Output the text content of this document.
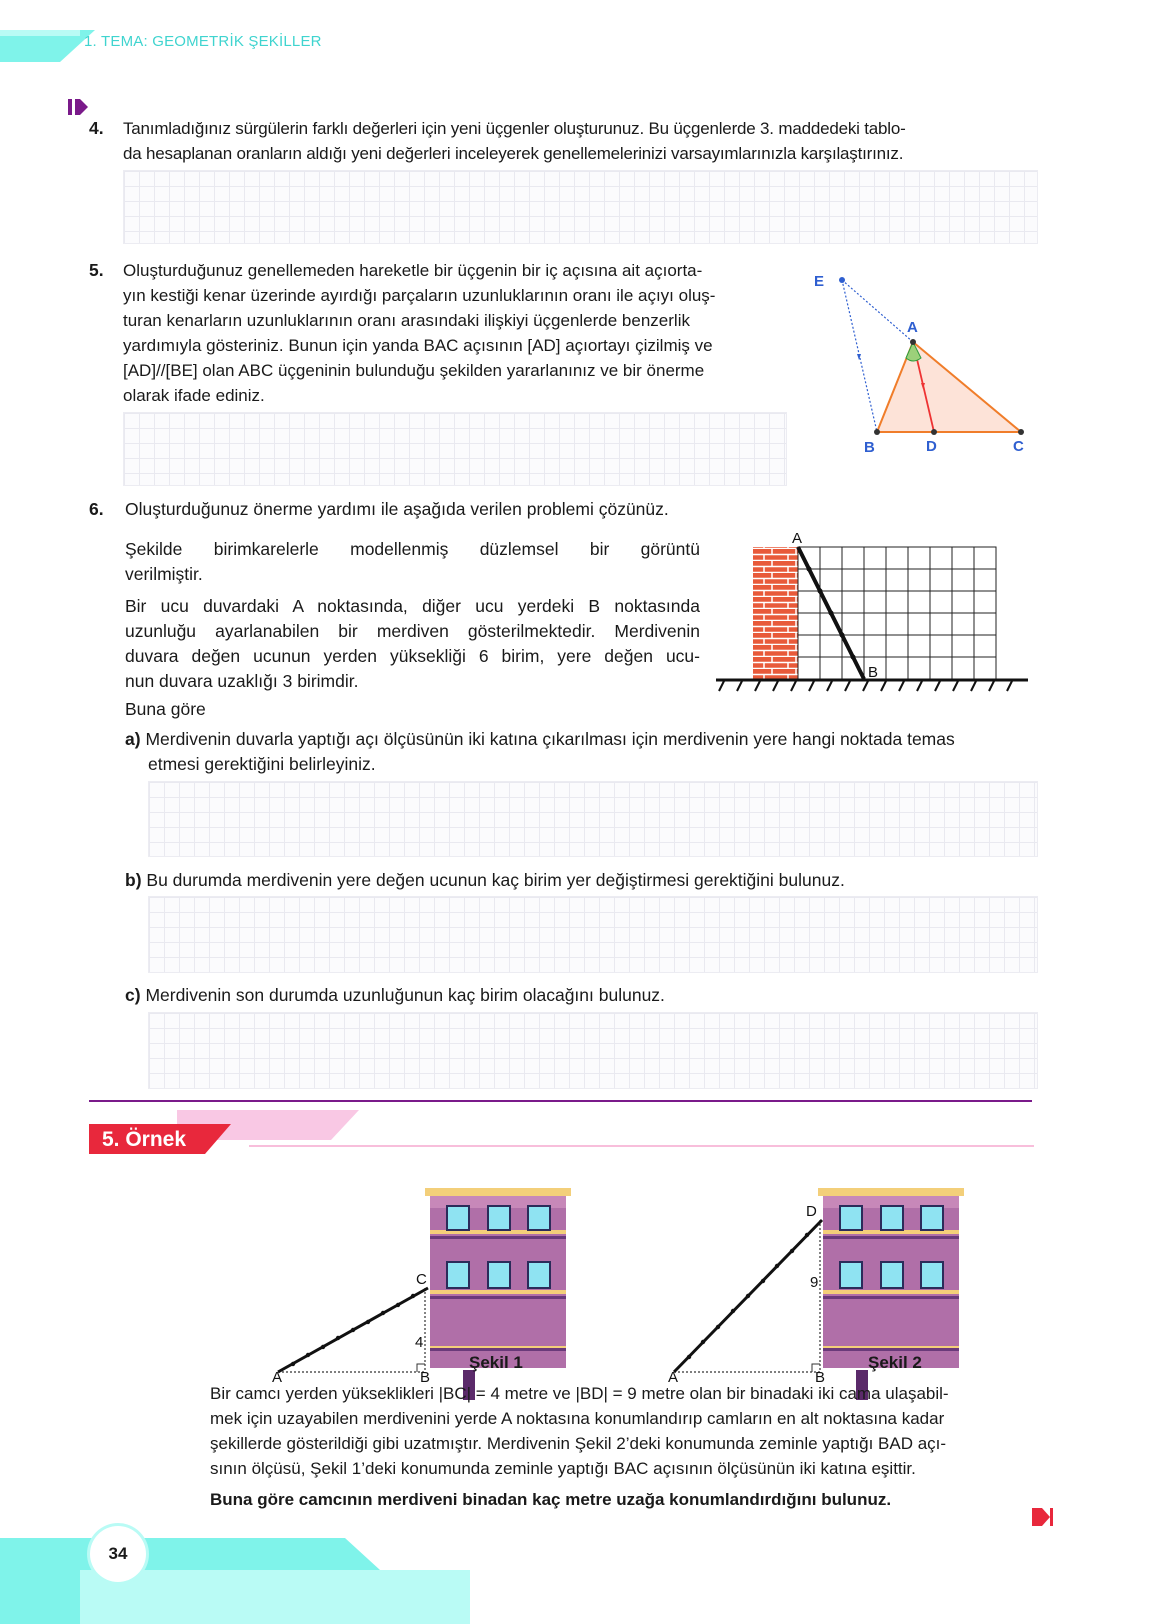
1. TEMA: GEOMETRİK ŞEKİLLER
4. Tanımladığınız sürgülerin farklı değerleri için yeni üçgenler oluşturunuz. Bu üçgenlerde 3. maddedeki tablo-
da hesaplanan oranların aldığı yeni değerleri inceleyerek genellemelerinizi varsayımlarınızla karşılaştırınız.
5. Oluşturduğunuz genellemeden hareketle bir üçgenin bir iç açısına ait açıorta-
yın kestiği kenar üzerinde ayırdığı parçaların uzunluklarının oranı ile açıyı oluş-
turan kenarların uzunluklarının oranı arasındaki ilişkiyi üçgenlerde benzerlik
yardımıyla gösteriniz. Bunun için yanda BAC açısının [AD] açıortayı çizilmiş ve
[AD]//[BE] olan ABC üçgeninin bulunduğu şekilden yararlanınız ve bir önerme
olarak ifade ediniz.
E
A
B	D	C
6. Oluşturduğunuz önerme yardımı ile aşağıda verilen problemi çözünüz.
Şekilde birimkarelerle modellenmiş düzlemsel bir görüntü
verilmiştir.
Bir ucu duvardaki A noktasında, diğer ucu yerdeki B noktasında
uzunluğu ayarlanabilen bir merdiven gösterilmektedir. Merdivenin
duvara değen ucunun yerden yüksekliği 6 birim, yere değen ucu-
nun duvara uzaklığı 3 birimdir.
Buna göre
A
B
a) Merdivenin duvarla yaptığı açı ölçüsünün iki katına çıkarılması için merdivenin yere hangi noktada temas
etmesi gerektiğini belirleyiniz.
b) Bu durumda merdivenin yere değen ucunun kaç birim yer değiştirmesi gerektiğini bulunuz.
c) Merdivenin son durumda uzunluğunun kaç birim olacağını bulunuz.
5. Örnek
A	B
C
4
Şekil 1
A	B
D
9
Şekil 2
Bir camcı yerden yükseklikleri |BC| = 4 metre ve |BD| = 9 metre olan bir binadaki iki cama ulaşabil-
mek için uzayabilen merdivenini yerde A noktasına konumlandırıp camların en alt noktasına kadar
şekillerde gösterildiği gibi uzatmıştır. Merdivenin Şekil 2’deki konumunda zeminle yaptığı BAD açı-
sının ölçüsü, Şekil 1’deki konumunda zeminle yaptığı BAC açısının ölçüsünün iki katına eşittir.
Buna göre camcının merdiveni binadan kaç metre uzağa konumlandırdığını bulunuz.
34
